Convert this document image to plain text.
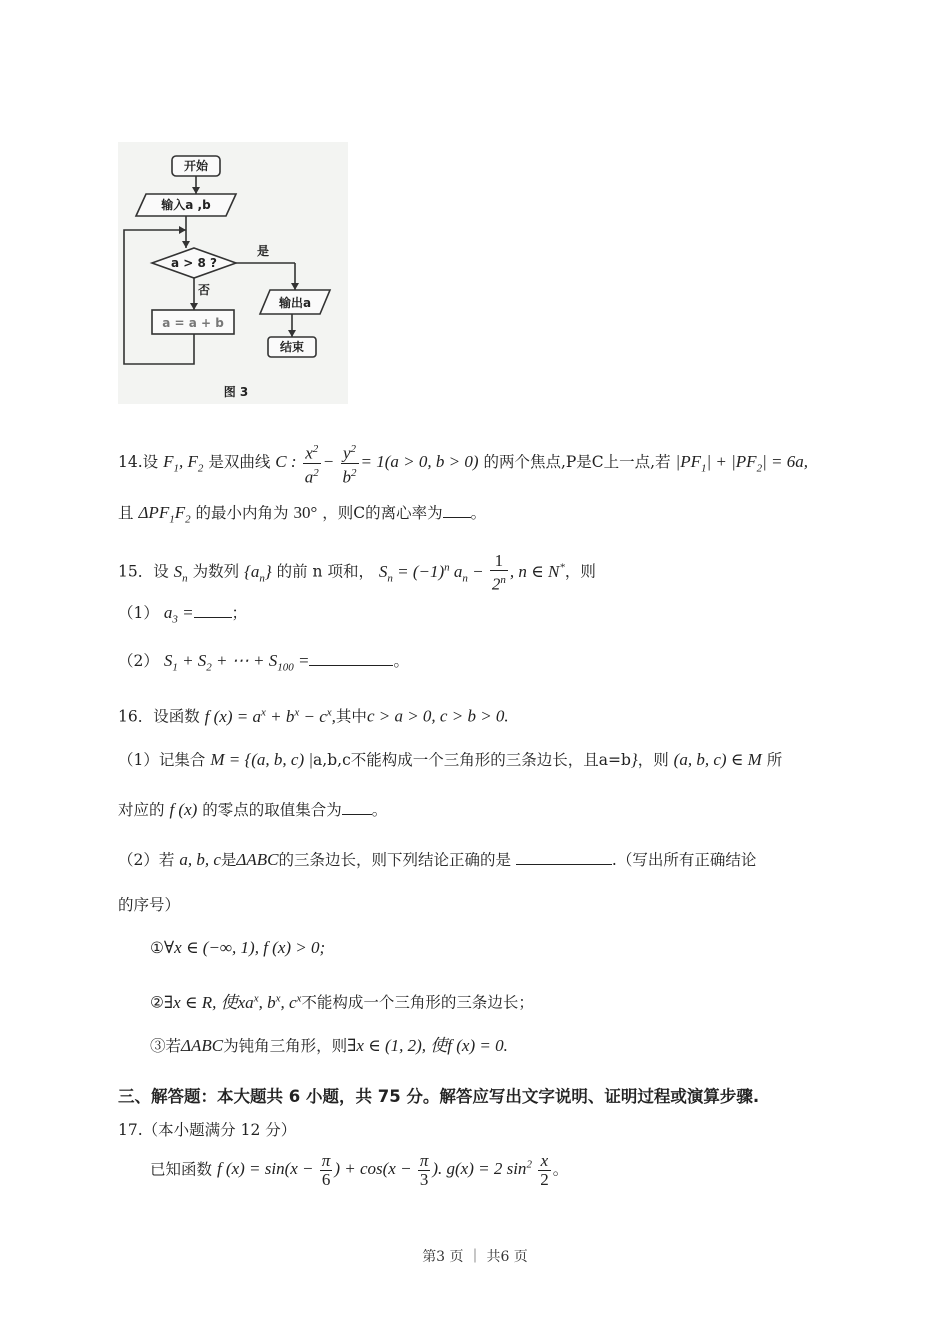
开始
输入a ,b
a > 8 ?
是
否
a = a + b
输出a
结束
图 3
14.设 $F_1$, $F_2$ 是双曲线 C : $\frac{x^2}{a^2} - \frac{y^2}{b^2} = 1(a > 0$, b > 0) 的两个焦点,P是C上一点,若 $|PF_1| + |PF_2| = 6a$,
且 $\Delta PF_1F_2$ 的最小内角为 30° ，则C的离心率为 。
15．设 $S_n$ 为数列 $\{a_n\}$ 的前 n 项和， $S_n = (-1)^n$ $a_n - \frac{1}{2^n}$ , n ∈ N*，则
（1） $a_3$ = ；
（2） $S_1 + S_2$ + ⋯ + $S_{100}$ =	。
16．设函数 f $(x) = a^x + b^x - c^x$,其中c > a > 0, c > b > 0.
（1）记集合 M = {(a, b, c) |a,b,c不能构成一个三角形的三条边长，且a=b}，则 (a, b, c) ∈ M 所
对应的 f (x) 的零点的取值集合为 。
（2）若 a, b, c是ΔABC的三条边长，则下列结论正确的是	.（写出所有正确结论
的序号）
①∀x ∈ (−∞, 1), f (x) > 0;
②∃x ∈ R, 使$xa^x$, $b^x$, $c^x$不能构成一个三角形的三条边长；
③若ΔABC为钝角三角形，则∃x ∈ (1, 2), 使f (x) = 0.
三、解答题：本大题共 6 小题，共 75 分。解答应写出文字说明、证明过程或演算步骤.
17.（本小题满分 12 分）
已知函数 f $(x) = \sin(x - \frac{\pi}{6}$ ) + $\cos(x - \frac{\pi}{3}$ ). g(x) = 2 $\sin^2 \frac{x}{2}$ 。
第3 页 ｜ 共6 页
